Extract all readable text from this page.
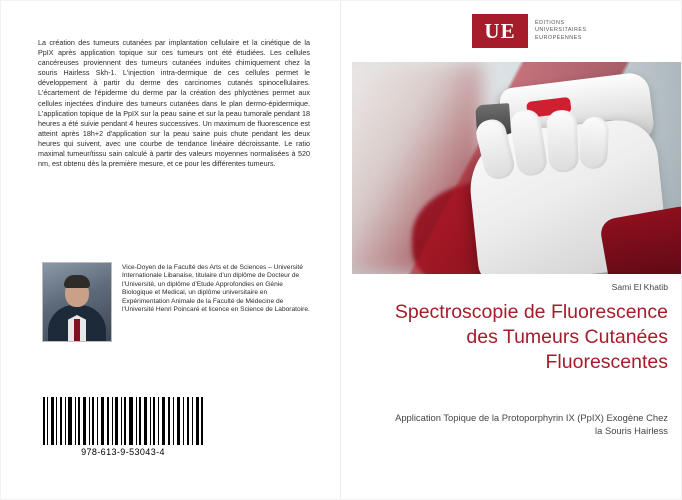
La création des tumeurs cutanées par implantation cellulaire et la cinétique de la PpIX après application topique sur ces tumeurs ont été étudiées. Les cellules cancéreuses proviennent des tumeurs cutanées induites chimiquement chez la souris Hairless Skh-1. L'injection intra-dermique de ces cellules permet le développement à partir du derme des carcinomes cutanés spinocellulaires. L'écartement de l'épiderme du derme par la création des phlyctènes permet aux cellules injectées d'induire des tumeurs cutanées dans le plan dermo-épidermique. L'application topique de la PpIX sur la peau saine et sur la peau tumorale pendant 18 heures a été suivie pendant 4 heures successives. Un maximum de fluorescence est atteint après 18h+2 d'application sur la peau saine puis chute pendant les deux heures qui suivent, avec une courbe de tendance linéaire décroissante. Le ratio maximal tumeur/tissu sain calculé à partir des valeurs moyennes normalisées à 520 nm, est obtenu dès la première mesure, et ce pour les différentes tumeurs.
Vice-Doyen de la Faculté des Arts et de Sciences – Université Internationale Libanaise, titulaire d'un diplôme de Docteur de l'Université, un diplôme d'Etude Approfondies en Génie Biologique et Medical, un diplôme universitaire en Expérimentation Animale de la Faculté de Médecine de l'Université Henri Poincaré et licence en Science de Laboratoire.
978-613-9-53043-4
UE	ÉDITIONS
UNIVERSITAIRES
EUROPÉENNES
Sami El Khatib
Spectroscopie de Fluorescence des Tumeurs Cutanées Fluorescentes
Application Topique de la Protoporphyrin IX (PpIX) Exogène Chez la Souris Hairless
